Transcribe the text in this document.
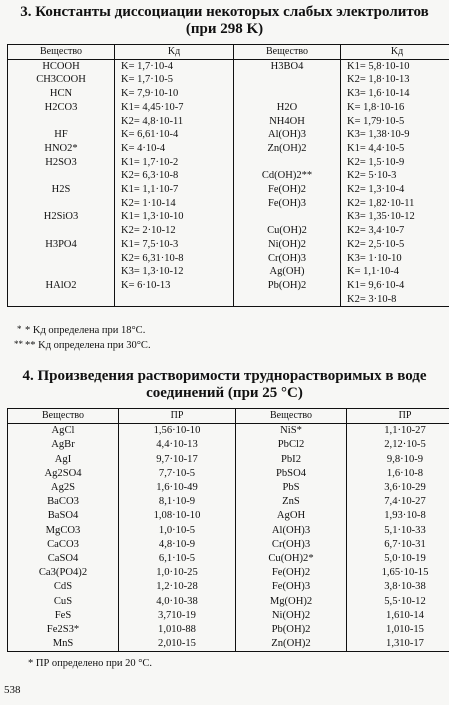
3. Константы диссоциации некоторых слабых электролитов
(при 298 K)
Вещество	Kд	Вещество	Kд
HCOOH	K= 1,7·10-4	H3BO4	K1= 5,8·10-10
CH3COOH	K= 1,7·10-5		K2= 1,8·10-13
HCN	K= 7,9·10-10		K3= 1,6·10-14
H2CO3	K1= 4,45·10-7	H2O	K= 1,8·10-16
	K2= 4,8·10-11	NH4OH	K= 1,79·10-5
HF	K= 6,61·10-4	Al(OH)3	K3= 1,38·10-9
HNO2*	K= 4·10-4	Zn(OH)2	K1= 4,4·10-5
H2SO3	K1= 1,7·10-2		K2= 1,5·10-9
	K2= 6,3·10-8	Cd(OH)2**	K2= 5·10-3
H2S	K1= 1,1·10-7	Fe(OH)2	K2= 1,3·10-4
	K2= 1·10-14	Fe(OH)3	K2= 1,82·10-11
H2SiO3	K1= 1,3·10-10		K3= 1,35·10-12
	K2= 2·10-12	Cu(OH)2	K2= 3,4·10-7
H3PO4	K1= 7,5·10-3	Ni(OH)2	K2= 2,5·10-5
	K2= 6,31·10-8	Cr(OH)3	K3= 1·10-10
	K3= 1,3·10-12	Ag(OH)	K= 1,1·10-4
HAlO2	K= 6·10-13	Pb(OH)2	K1= 9,6·10-4
			K2= 3·10-8
* * Kд определена при 18°С.
** ** Kд определена при 30°С.
4. Произведения растворимости труднорастворимых в воде
соединений (при 25 °С)
Вещество	ПР	Вещество	ПР
AgCl	1,56·10-10	NiS*	1,1·10-27
AgBr	4,4·10-13	PbCl2	2,12·10-5
AgI	9,7·10-17	PbI2	9,8·10-9
Ag2SO4	7,7·10-5	PbSO4	1,6·10-8
Ag2S	1,6·10-49	PbS	3,6·10-29
BaCO3	8,1·10-9	ZnS	7,4·10-27
BaSO4	1,08·10-10	AgOH	1,93·10-8
MgCO3	1,0·10-5	Al(OH)3	5,1·10-33
CaCO3	4,8·10-9	Cr(OH)3	6,7·10-31
CaSO4	6,1·10-5	Cu(OH)2*	5,0·10-19
Ca3(PO4)2	1,0·10-25	Fe(OH)2	1,65·10-15
CdS	1,2·10-28	Fe(OH)3	3,8·10-38
CuS	4,0·10-38	Mg(OH)2	5,5·10-12
FeS	3,710-19	Ni(OH)2	1,610-14
Fe2S3*	1,010-88	Pb(OH)2	1,010-15
MnS	2,010-15	Zn(OH)2	1,310-17
* ПР определено при 20 °С.
538
